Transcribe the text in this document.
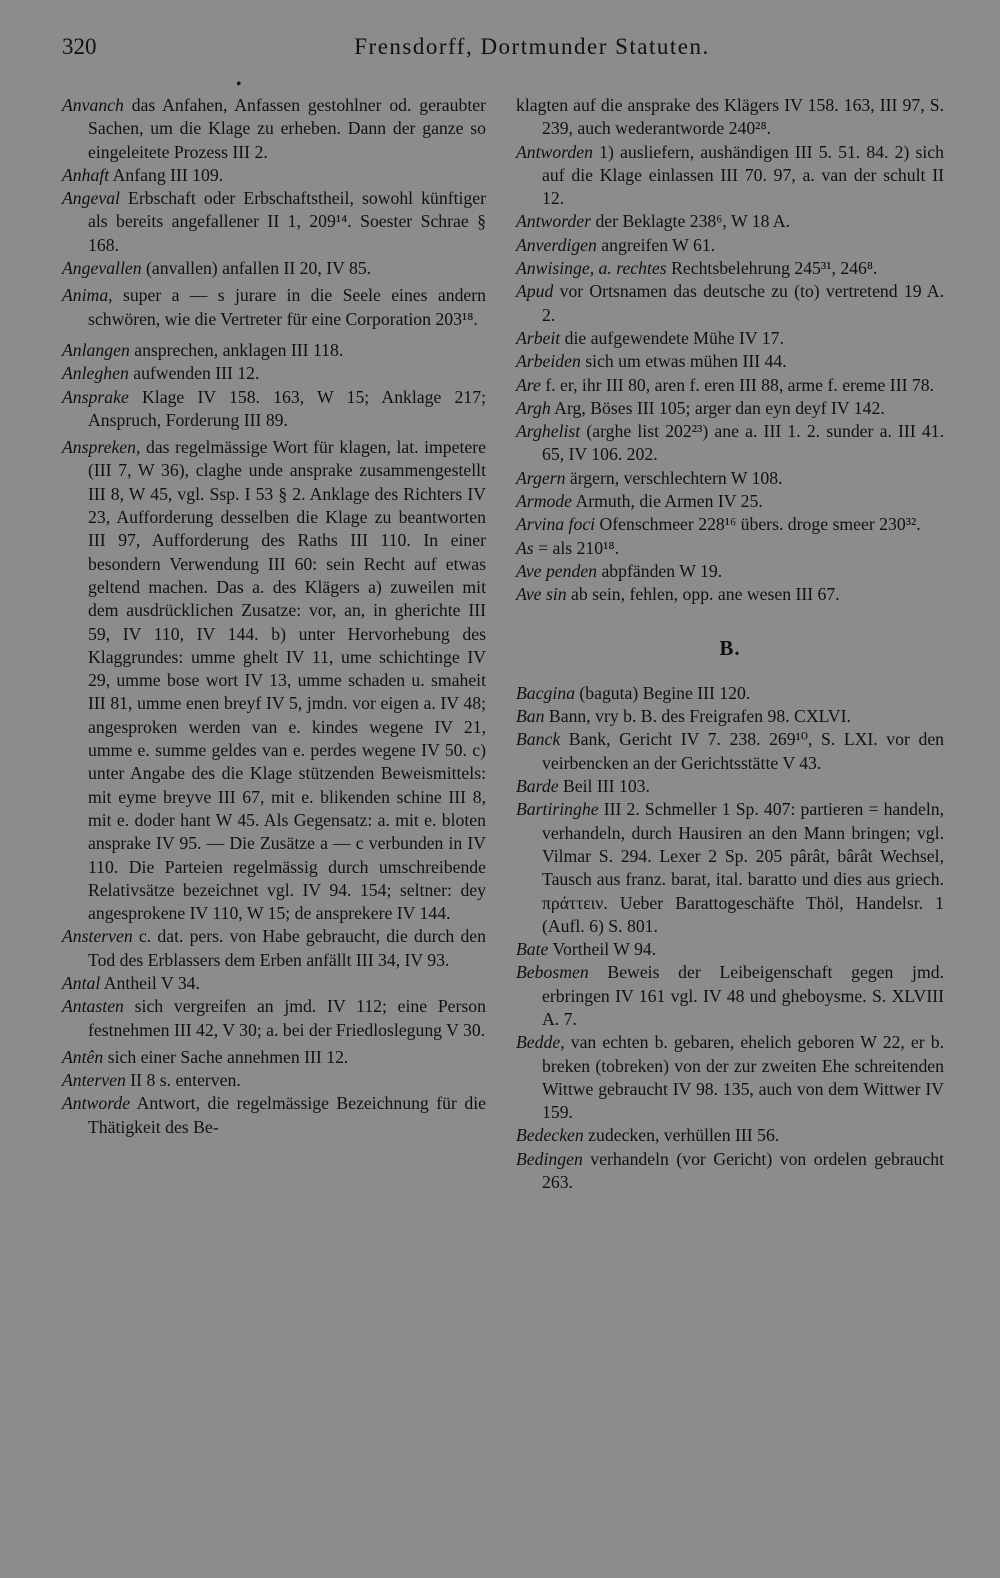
320	Frensdorff, Dortmunder Statuten.
•

Anvanch das Anfahen, Anfassen gestohlner od. geraubter Sachen, um die Klage zu erheben. Dann der ganze so eingeleitete Prozess III 2.

Anhaft Anfang III 109.

Angeval Erbschaft oder Erbschaftstheil, sowohl künftiger als bereits angefallener II 1, 209¹⁴. Soester Schrae § 168.

Angevallen (anvallen) anfallen II 20, IV 85.

Anima, super a — s jurare in die Seele eines andern schwören, wie die Vertreter für eine Corporation 203¹⁸.

Anlangen ansprechen, anklagen III 118.

Anleghen aufwenden III 12.

Ansprake Klage IV 158. 163, W 15; Anklage 217; Anspruch, Forderung III 89.

Anspreken, das regelmässige Wort für klagen, lat. impetere (III 7, W 36), claghe unde ansprake zusammengestellt III 8, W 45, vgl. Ssp. I 53 § 2. Anklage des Richters IV 23, Aufforderung desselben die Klage zu beantworten III 97, Aufforderung des Raths III 110. In einer besondern Verwendung III 60: sein Recht auf etwas geltend machen. Das a. des Klägers a) zuweilen mit dem ausdrücklichen Zusatze: vor, an, in gherichte III 59, IV 110, IV 144. b) unter Hervorhebung des Klaggrundes: umme ghelt IV 11, ume schichtinge IV 29, umme bose wort IV 13, umme schaden u. smaheit III 81, umme enen breyf IV 5, jmdn. vor eigen a. IV 48; angesproken werden van e. kindes wegene IV 21, umme e. summe geldes van e. perdes wegene IV 50. c) unter Angabe des die Klage stützenden Beweismittels: mit eyme breyve III 67, mit e. blikenden schine III 8, mit e. doder hant W 45. Als Gegensatz: a. mit e. bloten ansprake IV 95. — Die Zusätze a — c verbunden in IV 110. Die Parteien regelmässig durch umschreibende Relativsätze bezeichnet vgl. IV 94. 154; seltner: dey angesprokene IV 110, W 15; de ansprekere IV 144.

Ansterven c. dat. pers. von Habe gebraucht, die durch den Tod des Erblassers dem Erben anfällt III 34, IV 93.

Antal Antheil V 34.

Antasten sich vergreifen an jmd. IV 112; eine Person festnehmen III 42, V 30; a. bei der Friedloslegung V 30.

Antên sich einer Sache annehmen III 12.

Anterven II 8 s. enterven.

Antworde Antwort, die regelmässige Bezeichnung für die Thätigkeit des Be-

klagten auf die ansprake des Klägers IV 158. 163, III 97, S. 239, auch wederantworde 240²⁸.

Antworden 1) ausliefern, aushändigen III 5. 51. 84. 2) sich auf die Klage einlassen III 70. 97, a. van der schult II 12.

Antworder der Beklagte 238⁶, W 18 A.

Anverdigen angreifen W 61.

Anwisinge, a. rechtes Rechtsbelehrung 245³¹, 246⁸.

Apud vor Ortsnamen das deutsche zu (to) vertretend 19 A. 2.

Arbeit die aufgewendete Mühe IV 17.

Arbeiden sich um etwas mühen III 44.

Are f. er, ihr III 80, aren f. eren III 88, arme f. ereme III 78.

Argh Arg, Böses III 105; arger dan eyn deyf IV 142.

Arghelist (arghe list 202²³) ane a. III 1. 2. sunder a. III 41. 65, IV 106. 202.

Argern ärgern, verschlechtern W 108.

Armode Armuth, die Armen IV 25.

Arvina foci Ofenschmeer 228¹⁶ übers. droge smeer 230³².

As = als 210¹⁸.

Ave penden abpfänden W 19.

Ave sin ab sein, fehlen, opp. ane wesen III 67.

B.

Bacgina (baguta) Begine III 120.

Ban Bann, vry b. B. des Freigrafen 98. CXLVI.

Banck Bank, Gericht IV 7. 238. 269¹⁰, S. LXI. vor den veirbencken an der Gerichtsstätte V 43.

Barde Beil III 103.

Bartiringhe III 2. Schmeller 1 Sp. 407: partieren = handeln, verhandeln, durch Hausiren an den Mann bringen; vgl. Vilmar S. 294. Lexer 2 Sp. 205 pârât, bârât Wechsel, Tausch aus franz. barat, ital. baratto und dies aus griech. πράττειν. Ueber Barattogeschäfte Thöl, Handelsr. 1 (Aufl. 6) S. 801.

Bate Vortheil W 94.

Bebosmen Beweis der Leibeigenschaft gegen jmd. erbringen IV 161 vgl. IV 48 und gheboysme. S. XLVIII A. 7.

Bedde, van echten b. gebaren, ehelich geboren W 22, er b. breken (tobreken) von der zur zweiten Ehe schreitenden Wittwe gebraucht IV 98. 135, auch von dem Wittwer IV 159.

Bedecken zudecken, verhüllen III 56.

Bedingen verhandeln (vor Gericht) von ordelen gebraucht 263.
